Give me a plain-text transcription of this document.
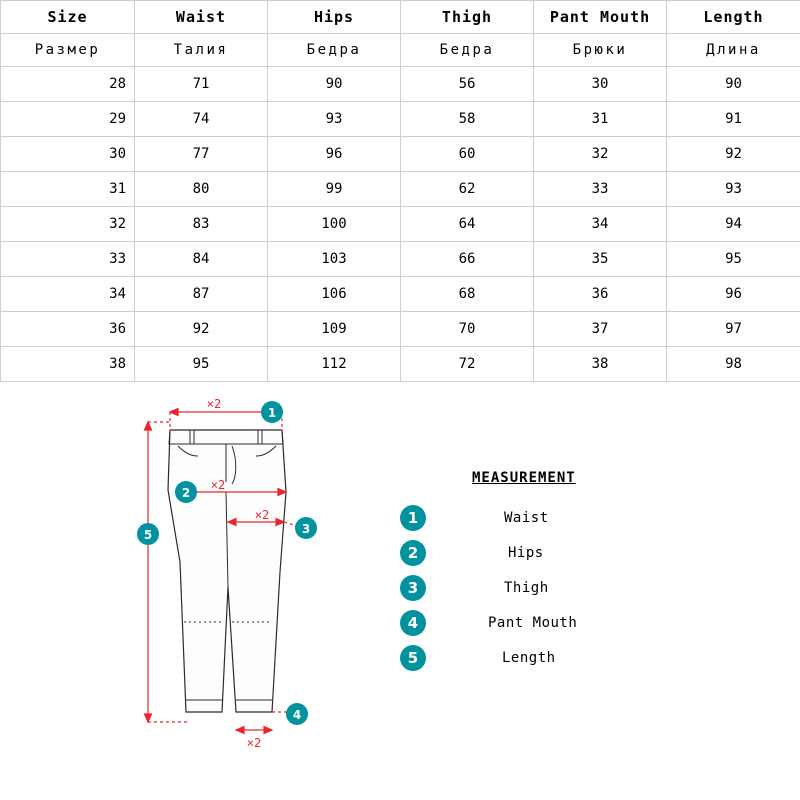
Size	Waist	Hips	Thigh	Pant Mouth	Length
Размер	Талия	Бедра	Бедра	Брюки	Длина
28	71	90	56	30	90
29	74	93	58	31	91
30	77	96	60	32	92
31	80	99	62	33	93
32	83	100	64	34	94
33	84	103	66	35	95
34	87	106	68	36	96
36	92	109	70	37	97
38	95	112	72	38	98
×2
×2
×2
×2
1
2
3
4
5
MEASUREMENT
1	Waist
2	Hips
3	Thigh
4	Pant Mouth
5	Length
